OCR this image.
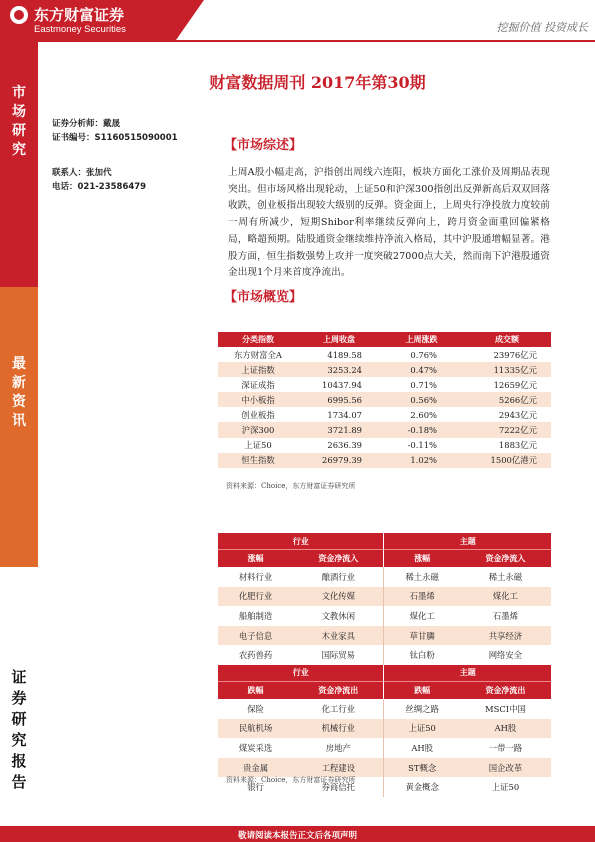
东方财富证券
Eastmoney Securities	挖掘价值 投资成长
市
场
研
究
最
新
资
讯
证
券
研
究
报
告
财富数据周刊 2017年第30期
证券分析师：戴晟
证书编号：S1160515090001
联系人：张加代
电话：021-23586479
【市场综述】
上周A股小幅走高，沪指创出周线六连阳，板块方面化工涨价及周期品表现突出。但市场风格出现轮动，上证50和沪深300指创出反弹新高后双双回落收跌，创业板指出现较大级别的反弹。资金面上，上周央行净投放力度较前一周有所减少，短期Shibor利率继续反弹向上，跨月资金面重回偏紧格局，略超预期。陆股通资金继续维持净流入格局，其中沪股通增幅显著。港股方面，恒生指数强势上攻并一度突破27000点大关，然而南下沪港股通资金出现1个月来首度净流出。
【市场概览】
分类指数	上周收盘	上周涨跌	成交额
东方财富全A	4189.58	0.76%	23976亿元
上证指数	3253.24	0.47%	11335亿元
深证成指	10437.94	0.71%	12659亿元
中小板指	6995.56	0.56%	5266亿元
创业板指	1734.07	2.60%	2943亿元
沪深300	3721.89	-0.18%	7222亿元
上证50	2636.39	-0.11%	1883亿元
恒生指数	26979.39	1.02%	1500亿港元
资料来源：Choice，东方财富证券研究所
行业		主题	
涨幅	资金净流入	涨幅	资金净流入
材料行业	酿酒行业	稀土永磁	稀土永磁
化肥行业	文化传媒	石墨烯	煤化工
船舶制造	文教休闲	煤化工	石墨烯
电子信息	木业家具	草甘膦	共享经济
农药兽药	国际贸易	钛白粉	网络安全
行业		主题	
跌幅	资金净流出	跌幅	资金净流出
保险	化工行业	丝绸之路	MSCI中国
民航机场	机械行业	上证50	AH股
煤炭采选	房地产	AH股	一带一路
贵金属	工程建设	ST概念	国企改革
银行	券商信托	黄金概念	上证50
资料来源：Choice，东方财富证券研究所
敬请阅读本报告正文后各项声明
